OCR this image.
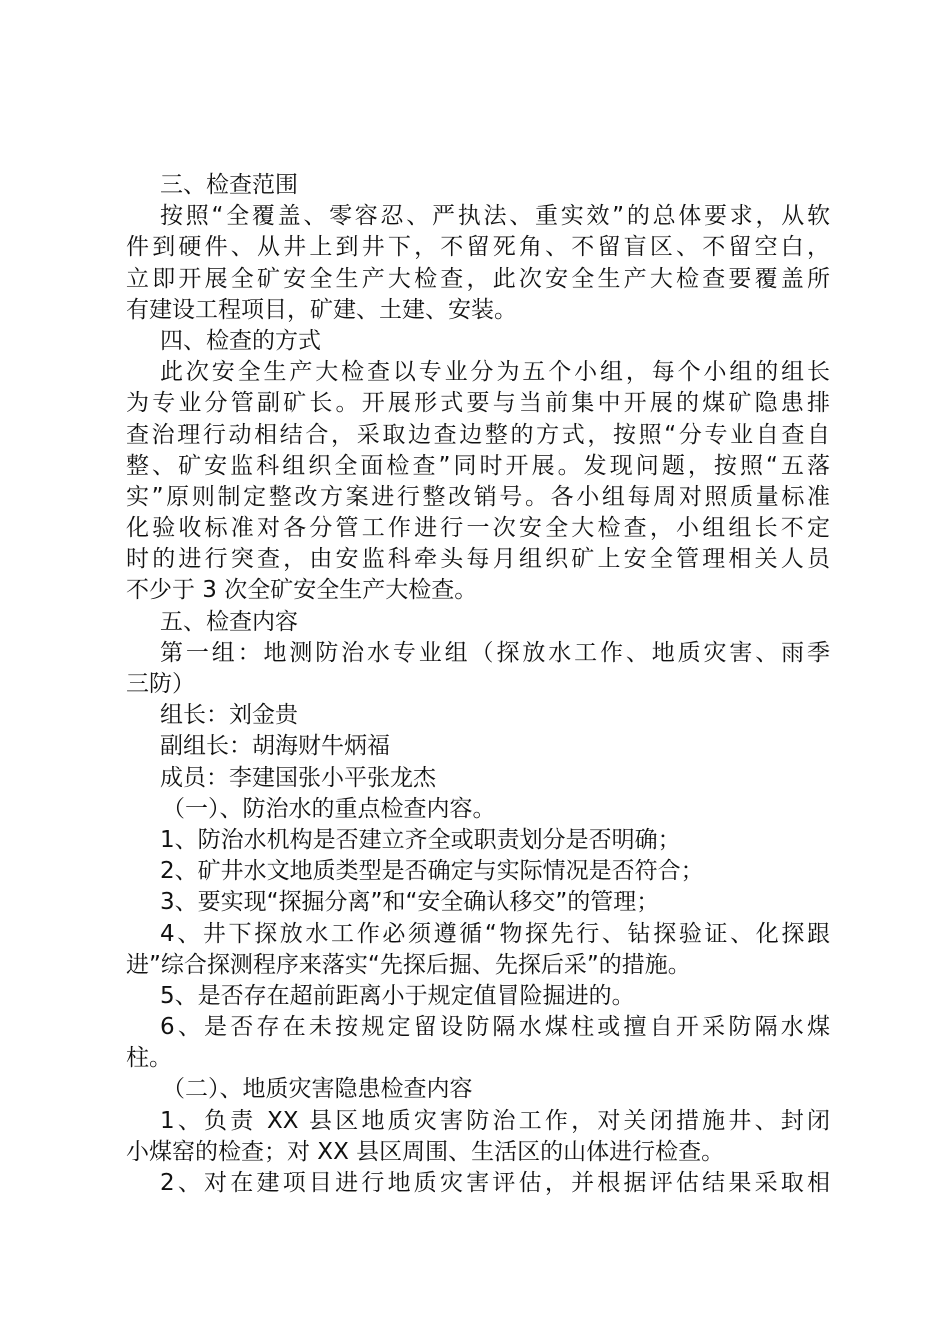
三、检查范围
按照“全覆盖、零容忍、严执法、重实效”的总体要求，从软
件到硬件、从井上到井下，不留死角、不留盲区、不留空白，
立即开展全矿安全生产大检查，此次安全生产大检查要覆盖所
有建设工程项目，矿建、土建、安装。
四、检查的方式
此次安全生产大检查以专业分为五个小组，每个小组的组长
为专业分管副矿长。开展形式要与当前集中开展的煤矿隐患排
查治理行动相结合，采取边查边整的方式，按照“分专业自查自
整、矿安监科组织全面检查”同时开展。发现问题，按照“五落
实”原则制定整改方案进行整改销号。各小组每周对照质量标准
化验收标准对各分管工作进行一次安全大检查，小组组长不定
时的进行突查，由安监科牵头每月组织矿上安全管理相关人员
不少于 3 次全矿安全生产大检查。
五、检查内容
第一组：地测防治水专业组（探放水工作、地质灾害、雨季
三防）
组长：刘金贵
副组长：胡海财牛炳福
成员：李建国张小平张龙杰
（一）、防治水的重点检查内容。
1、防治水机构是否建立齐全或职责划分是否明确；
2、矿井水文地质类型是否确定与实际情况是否符合；
3、要实现“探掘分离”和“安全确认移交”的管理；
4、井下探放水工作必须遵循“物探先行、钻探验证、化探跟
进”综合探测程序来落实“先探后掘、先探后采”的措施。
5、是否存在超前距离小于规定值冒险掘进的。
6、是否存在未按规定留设防隔水煤柱或擅自开采防隔水煤
柱。
（二）、地质灾害隐患检查内容
1、负责 XX 县区地质灾害防治工作，对关闭措施井、封闭
小煤窑的检查；对 XX 县区周围、生活区的山体进行检查。
2、对在建项目进行地质灾害评估，并根据评估结果采取相
